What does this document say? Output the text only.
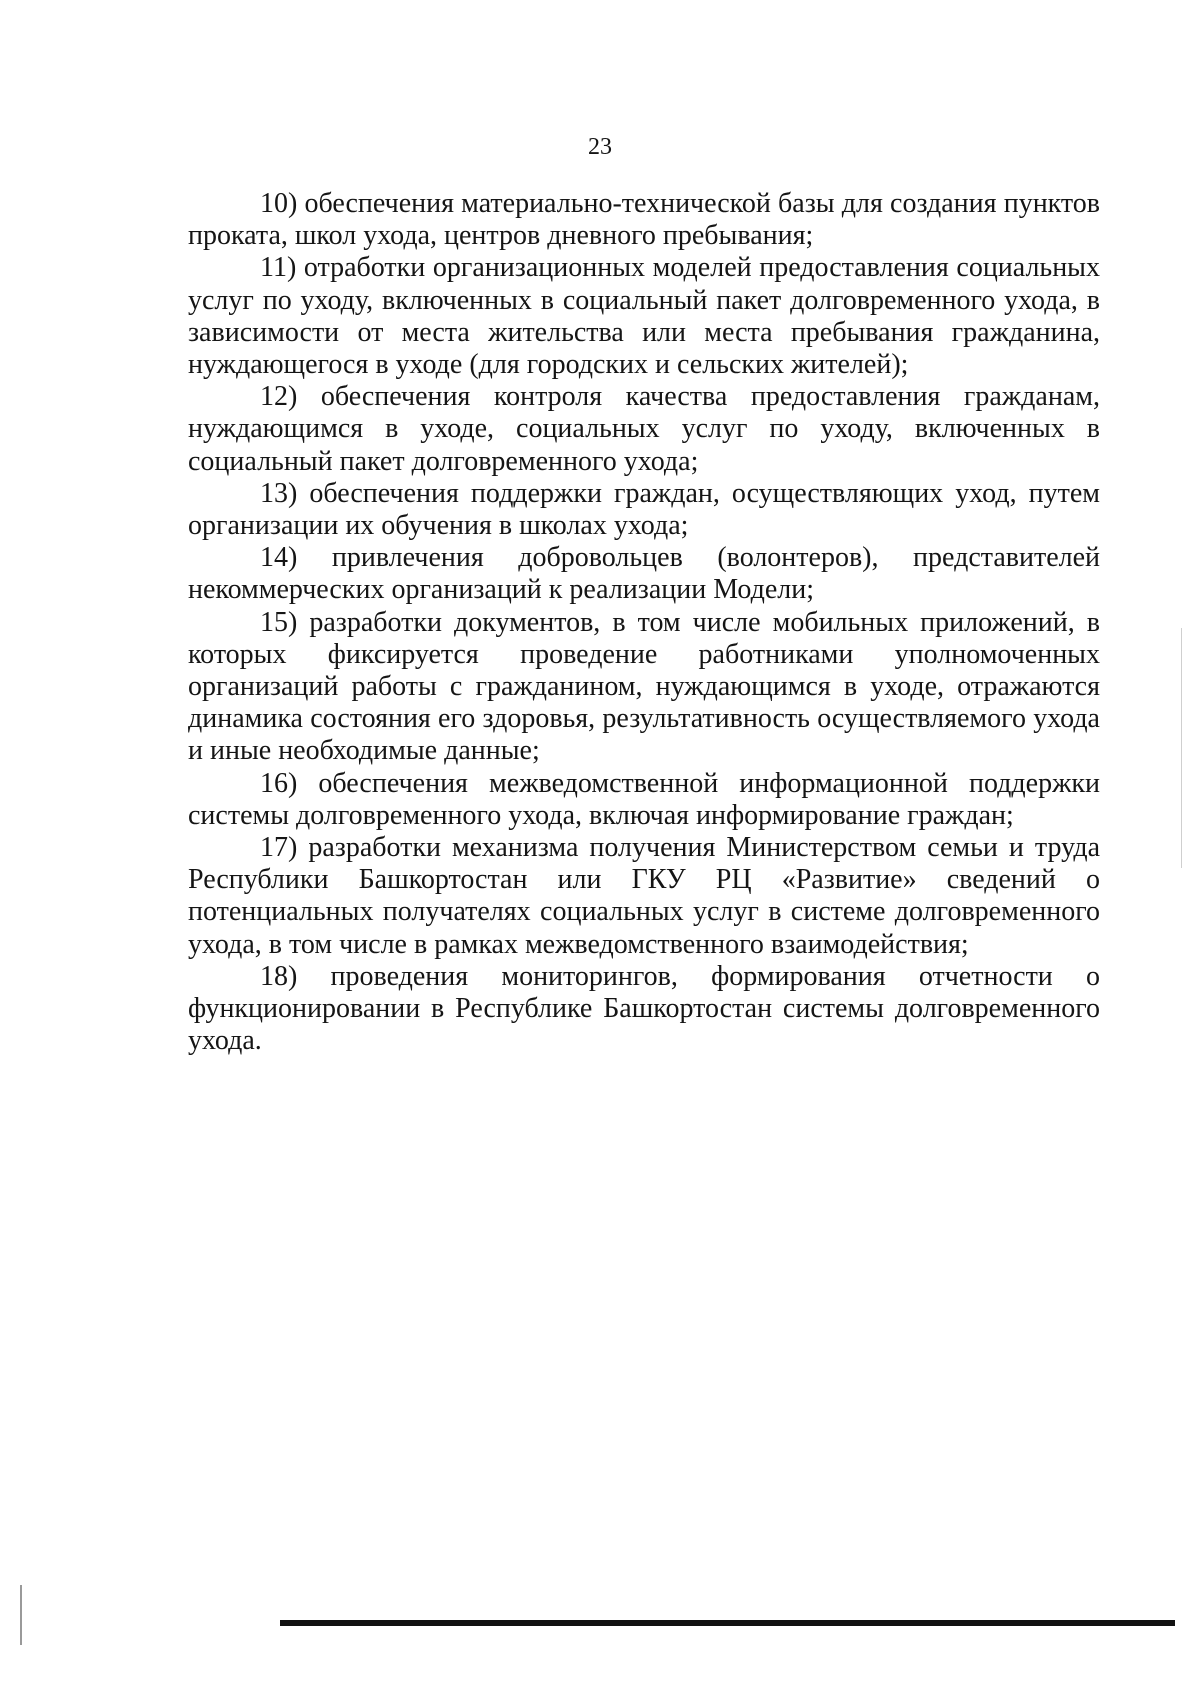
23

10) обеспечения материально-технической базы для создания пунктов проката, школ ухода, центров дневного пребывания;

11) отработки организационных моделей предоставления социальных услуг по уходу, включенных в социальный пакет долговременного ухода, в зависимости от места жительства или места пребывания гражданина, нуждающегося в уходе (для городских и сельских жителей);

12) обеспечения контроля качества предоставления гражданам, нуждающимся в уходе, социальных услуг по уходу, включенных в социальный пакет долговременного ухода;

13) обеспечения поддержки граждан, осуществляющих уход, путем организации их обучения в школах ухода;

14) привлечения добровольцев (волонтеров), представителей некоммерческих организаций к реализации Модели;

15) разработки документов, в том числе мобильных приложений, в которых фиксируется проведение работниками уполномоченных организаций работы с гражданином, нуждающимся в уходе, отражаются динамика состояния его здоровья, результативность осуществляемого ухода и иные необходимые данные;

16) обеспечения межведомственной информационной поддержки системы долговременного ухода, включая информирование граждан;

17) разработки механизма получения Министерством семьи и труда Республики Башкортостан или ГКУ РЦ «Развитие» сведений о потенциальных получателях социальных услуг в системе долговременного ухода, в том числе в рамках межведомственного взаимодействия;

18) проведения мониторингов, формирования отчетности о функционировании в Республике Башкортостан системы долговременного ухода.
